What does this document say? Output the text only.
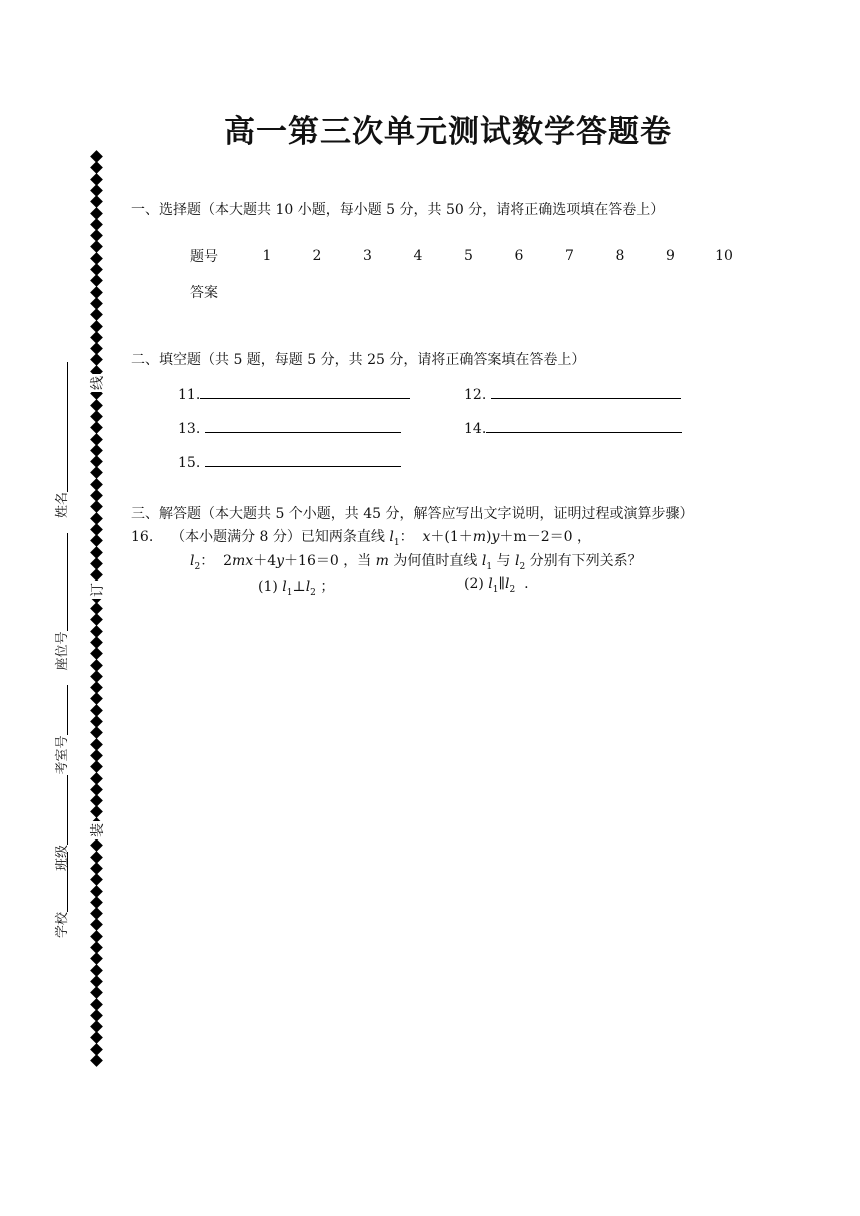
高一第三次单元测试数学答题卷
线
订
装
姓名
座位号
考室号
班级
学校
一、选择题（本大题共 10 小题，每小题 5 分，共 50 分，请将正确选项填在答卷上）
题号	1	2	3	4	5	6	7	8	9	10
答案										
二、填空题（共 5 题，每题 5 分，共 25 分，请将正确答案填在答卷上）
11.	12.
13.	14.
15.
三、解答题（本大题共 5 个小题，共 45 分，解答应写出文字说明，证明过程或演算步骤）
16. （本小题满分 8 分）已知两条直线 $l_1$：  x＋(1＋m)y＋m－2＝0 ，
$l_2$：  2mx＋4y＋16＝0 ，当 m 为何值时直线 $l_1$ 与 $l_2$ 分别有下列关系？
(1) $l_1\perp l_2$ ；	(2) $l_1\parallel l_2$  .
